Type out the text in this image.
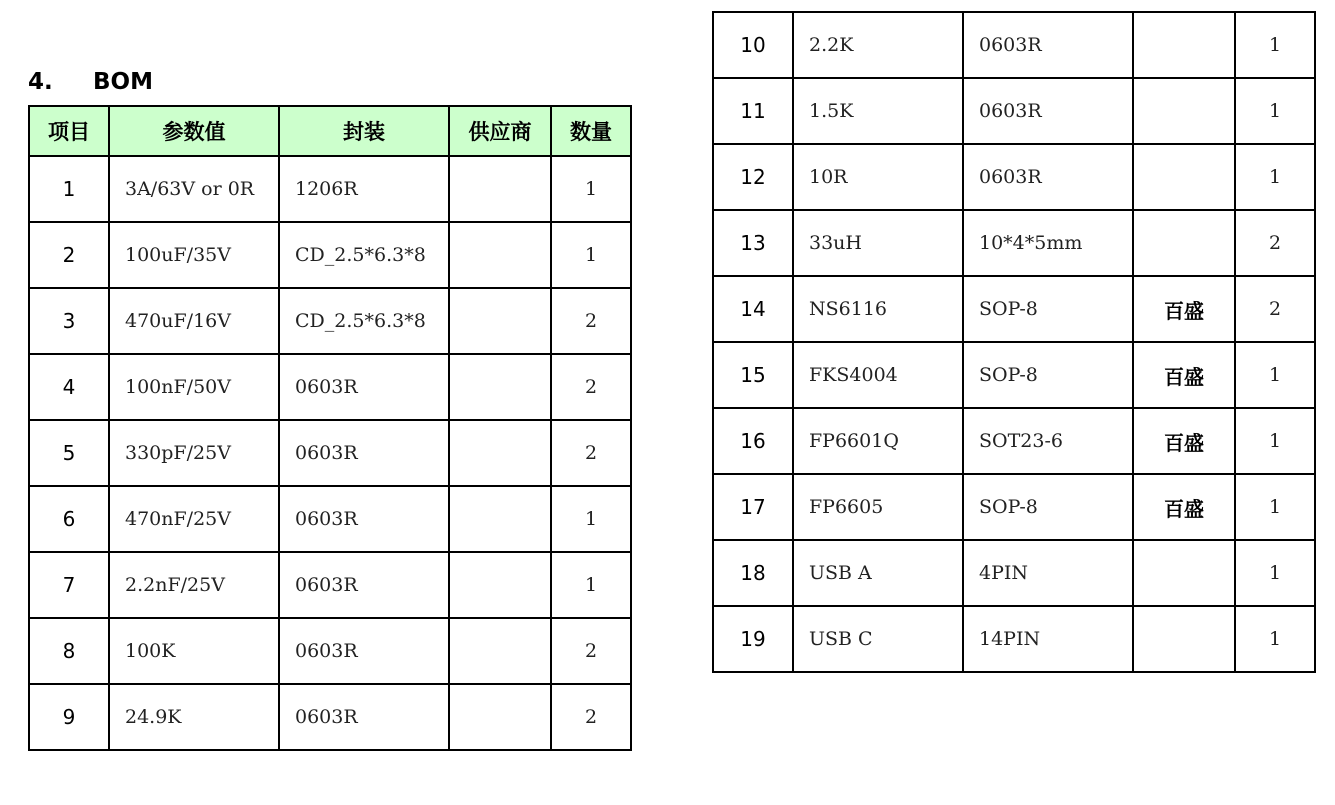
4.	BOM
项目	参数值	封装	供应商	数量
1	3A/63V or 0R	1206R		1
2	100uF/35V	CD_2.5*6.3*8		1
3	470uF/16V	CD_2.5*6.3*8		2
4	100nF/50V	0603R		2
5	330pF/25V	0603R		2
6	470nF/25V	0603R		1
7	2.2nF/25V	0603R		1
8	100K	0603R		2
9	24.9K	0603R		2
10	2.2K	0603R		1
11	1.5K	0603R		1
12	10R	0603R		1
13	33uH	10*4*5mm		2
14	NS6116	SOP-8	百盛	2
15	FKS4004	SOP-8	百盛	1
16	FP6601Q	SOT23-6	百盛	1
17	FP6605	SOP-8	百盛	1
18	USB A	4PIN		1
19	USB C	14PIN		1
